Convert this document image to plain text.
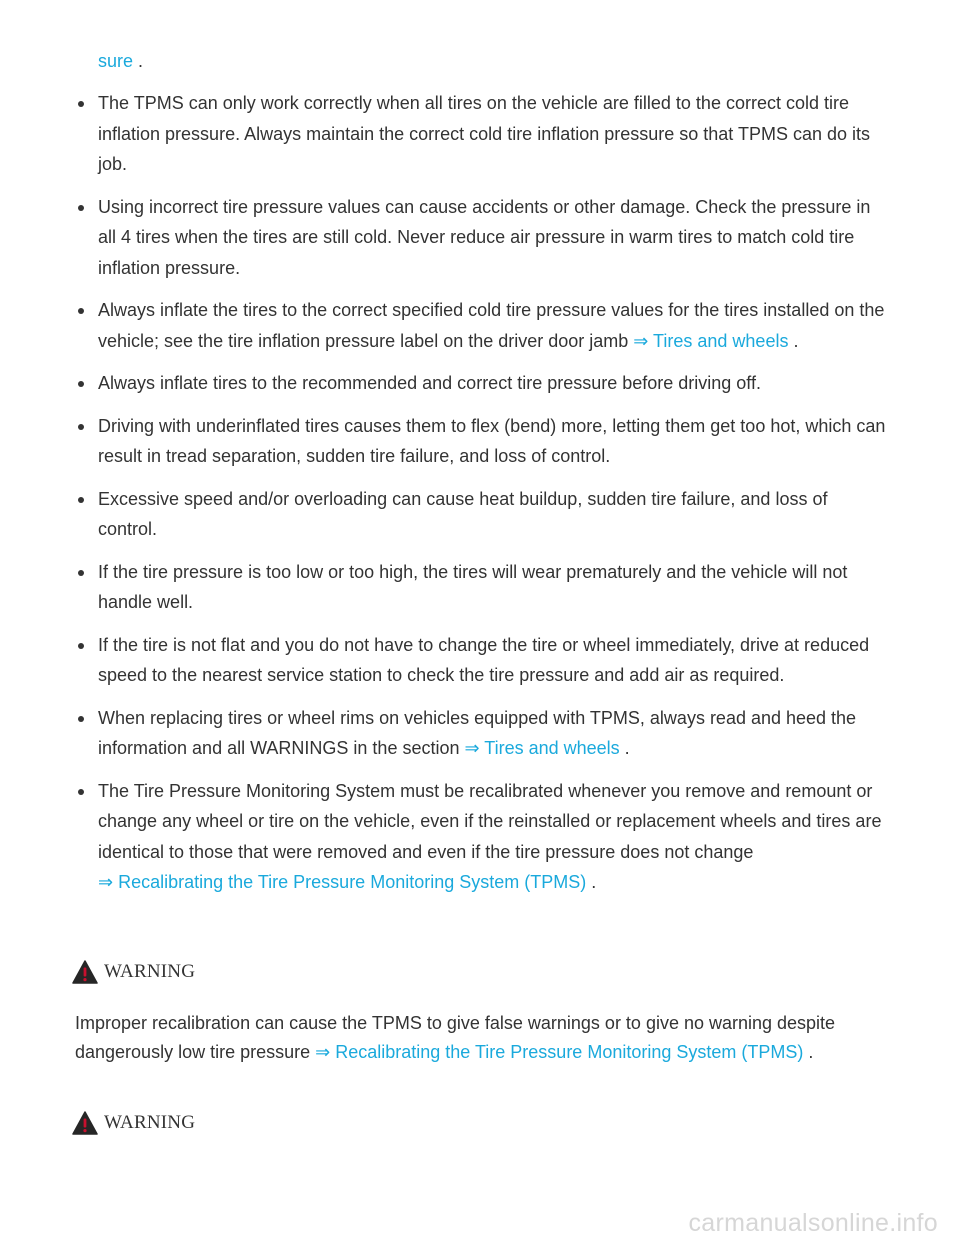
sure .
The TPMS can only work correctly when all tires on the vehicle are filled to the correct cold tire inflation pressure. Always maintain the correct cold tire inflation pressure so that TPMS can do its job.
Using incorrect tire pressure values can cause accidents or other damage. Check the pressure in all 4 tires when the tires are still cold. Never reduce air pressure in warm tires to match cold tire inflation pressure.
Always inflate the tires to the correct specified cold tire pressure values for the tires installed on the vehicle; see the tire inflation pressure label on the driver door jamb ⇒ Tires and wheels .
Always inflate tires to the recommended and correct tire pressure before driving off.
Driving with underinflated tires causes them to flex (bend) more, letting them get too hot, which can result in tread separation, sudden tire failure, and loss of control.
Excessive speed and/or overloading can cause heat buildup, sudden tire failure, and loss of control.
If the tire pressure is too low or too high, the tires will wear prematurely and the vehicle will not handle well.
If the tire is not flat and you do not have to change the tire or wheel immediately, drive at reduced speed to the nearest service station to check the tire pressure and add air as required.
When replacing tires or wheel rims on vehicles equipped with TPMS, always read and heed the information and all WARNINGS in the section ⇒ Tires and wheels .
The Tire Pressure Monitoring System must be recalibrated whenever you remove and remount or change any wheel or tire on the vehicle, even if the reinstalled or replacement wheels and tires are identical to those that were removed and even if the tire pressure does not change
⇒ Recalibrating the Tire Pressure Monitoring System (TPMS) .
WARNING
Improper recalibration can cause the TPMS to give false warnings or to give no warning despite dangerously low tire pressure ⇒ Recalibrating the Tire Pressure Monitoring System (TPMS) .
WARNING
carmanualsonline.info
